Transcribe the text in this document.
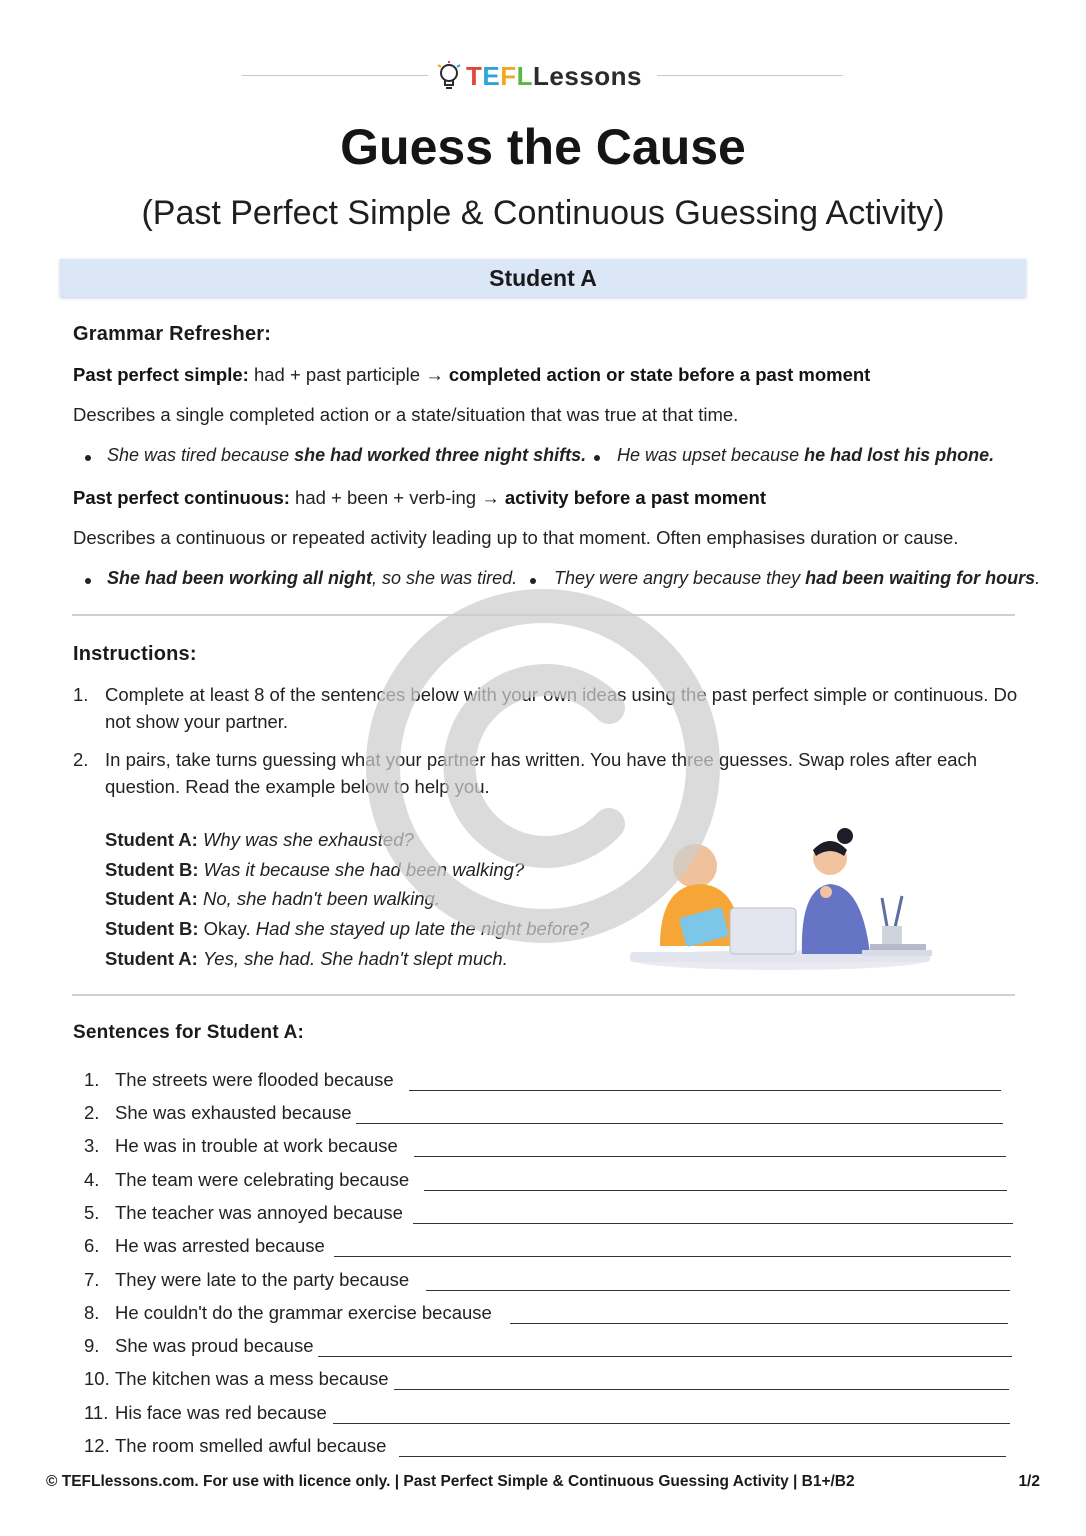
TEFLLessons
Guess the Cause
(Past Perfect Simple & Continuous Guessing Activity)
Student A
Grammar Refresher:
Past perfect simple: had + past participle → completed action or state before a past moment
Describes a single completed action or a state/situation that was true at that time.
She was tired because she had worked three night shifts. He was upset because he had lost his phone.
Past perfect continuous: had + been + verb-ing → activity before a past moment
Describes a continuous or repeated activity leading up to that moment. Often emphasises duration or cause.
She had been working all night, so she was tired. They were angry because they had been waiting for hours.
Instructions:
1. Complete at least 8 of the sentences below with your own ideas using the past perfect simple or continuous. Do not show your partner.
2. In pairs, take turns guessing what your partner has written. You have three guesses. Swap roles after each question. Read the example below to help you.
Student A: Why was she exhausted?
Student B: Was it because she had been walking?
Student A: No, she hadn't been walking.
Student B: Okay. Had she stayed up late the night before?
Student A: Yes, she had. She hadn't slept much.
Sentences for Student A:
1. The streets were flooded because
2. She was exhausted because
3. He was in trouble at work because
4. The team were celebrating because
5. The teacher was annoyed because
6. He was arrested because
7. They were late to the party because
8. He couldn't do the grammar exercise because
9. She was proud because
10. The kitchen was a mess because
11. His face was red because
12. The room smelled awful because
© TEFLlessons.com. For use with licence only. | Past Perfect Simple & Continuous Guessing Activity | B1+/B2	1/2
